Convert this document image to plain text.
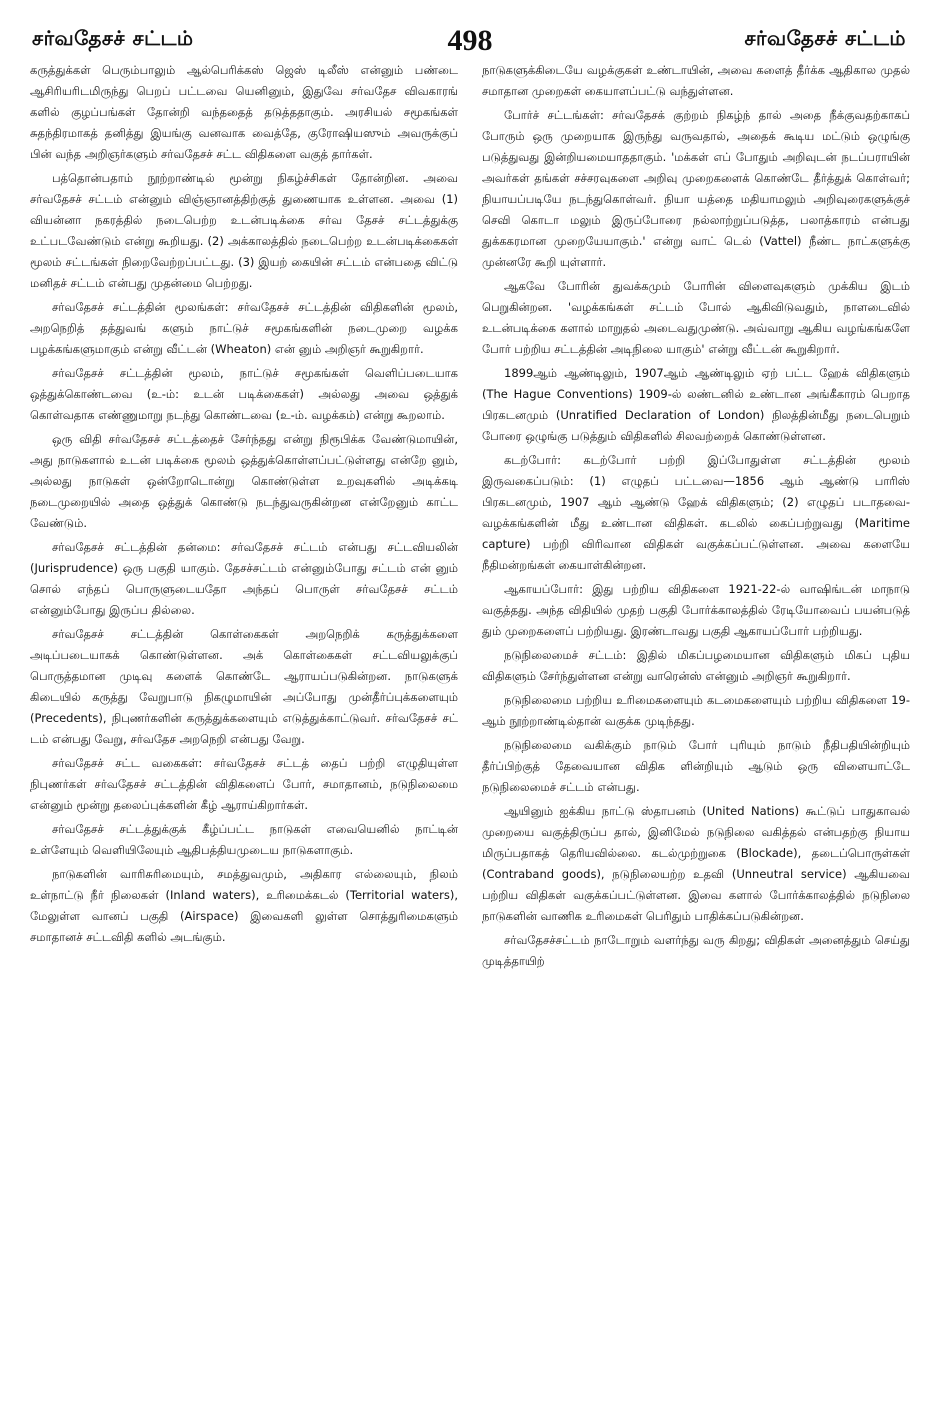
சர்வதேசச் சட்டம்	498	சர்வதேசச் சட்டம்

கருத்துக்கள் பெரும்பாலும் ஆல்பெரிக்கஸ் ஜெஸ் டிலீஸ் என்னும் பண்டை ஆசிரியரிடமிருந்து பெறப் பட்டவை யெனினும், இதுவே சர்வதேச விவகாரங் களில் குழப்பங்கள் தோன்றி வந்ததைத் தடுத்ததாகும். அரசியல் சமூகங்கள் சுதந்திரமாகத் தனித்து இயங்கு வனவாக வைத்தே, குரோஷியஸும் அவருக்குப் பின் வந்த அறிஞர்களும் சர்வதேசச் சட்ட விதிகளை வகுத் தார்கள்.

பத்தொன்பதாம் நூற்றாண்டில் மூன்று நிகழ்ச்சிகள் தோன்றின. அவை சர்வதேசச் சட்டம் என்னும் விஞ்ஞானத்திற்குத் துணையாக உள்ளன. அவை (1) வியன்னா நகரத்தில் நடைபெற்ற உடன்படிக்கை சர்வ தேசச் சட்டத்துக்கு உட்படவேண்டும் என்று கூறியது. (2) அக்காலத்தில் நடைபெற்ற உடன்படிக்கைகள் மூலம் சட்டங்கள் நிறைவேற்றப்பட்டது. (3) இயற் கையின் சட்டம் என்பதை விட்டு மனிதச் சட்டம் என்பது முதன்மை பெற்றது.

சர்வதேசச் சட்டத்தின் மூலங்கள்: சர்வதேசச் சட்டத்தின் விதிகளின் மூலம், அறநெறித் தத்துவங் களும் நாட்டுச் சமூகங்களின் நடைமுறை வழக்க பழக்கங்களுமாகும் என்று வீட்டன் (Wheaton) என் னும் அறிஞர் கூறுகிறார்.

சர்வதேசச் சட்டத்தின் மூலம், நாட்டுச் சமூகங்கள் வெளிப்படையாக ஒத்துக்கொண்டவை (உ-ம்: உடன் படிக்கைகள்) அல்லது அவை ஒத்துக் கொள்வதாக எண்ணுமாறு நடந்து கொண்டவை (உ-ம். வழக்கம்) என்று கூறலாம்.

ஒரு விதி சர்வதேசச் சட்டத்தைச் சேர்ந்தது என்று நிரூபிக்க வேண்டுமாயின், அது நாடுகளால் உடன் படிக்கை மூலம் ஒத்துக்கொள்ளப்பட்டுள்ளது என்றே னும், அல்லது நாடுகள் ஒன்றோடொன்று கொண்டுள்ள உறவுகளில் அடிக்கடி நடைமுறையில் அதை ஒத்துக் கொண்டு நடந்துவருகின்றன என்றேனும் காட்ட வேண்டும்.

சர்வதேசச் சட்டத்தின் தன்மை: சர்வதேசச் சட்டம் என்பது சட்டவியலின் (Jurisprudence) ஒரு பகுதி யாகும். தேசச்சட்டம் என்னும்போது சட்டம் என் னும் சொல் எந்தப் பொருளுடையதோ அந்தப் பொருள் சர்வதேசச் சட்டம் என்னும்போது இருப்ப தில்லை.

சர்வதேசச் சட்டத்தின் கொள்கைகள் அறநெறிக் கருத்துக்களை அடிப்படையாகக் கொண்டுள்ளன. அக் கொள்கைகள் சட்டவியலுக்குப் பொருத்தமான முடிவு களைக் கொண்டே ஆராயப்படுகின்றன. நாடுகளுக் கிடையில் கருத்து வேறுபாடு நிகழுமாயின் அப்போது முன்தீர்ப்புக்களையும் (Precedents), நிபுணர்களின் கருத்துக்களையும் எடுத்துக்காட்டுவர். சர்வதேசச் சட் டம் என்பது வேறு, சர்வதேச அறநெறி என்பது வேறு.

சர்வதேசச் சட்ட வகைகள்: சர்வதேசச் சட்டத் தைப் பற்றி எழுதியுள்ள நிபுணர்கள் சர்வதேசச் சட்டத்தின் விதிகளைப் போர், சமாதானம், நடுநிலைமை என்னும் மூன்று தலைப்புக்களின் கீழ் ஆராய்கிறார்கள்.

சர்வதேசச் சட்டத்துக்குக் கீழ்ப்பட்ட நாடுகள் எவையெனில் நாட்டின் உள்ளேயும் வெளியிலேயும் ஆதிபத்தியமுடைய நாடுகளாகும்.

நாடுகளின் வாரிசுரிமையும், சமத்துவமும், அதிகார எல்லையும், நிலம் உள்நாட்டு நீர் நிலைகள் (Inland waters), உரிமைக்கடல் (Territorial waters), மேலுள்ள வானப் பகுதி (Airspace) இவைகளி லுள்ள சொத்துரிமைகளும் சமாதானச் சட்டவிதி களில் அடங்கும்.

நாடுகளுக்கிடையே வழக்குகள் உண்டாயின், அவை களைத் தீர்க்க ஆதிகால முதல் சமாதான முறைகள் கையாளப்பட்டு வந்துள்ளன.

போர்ச் சட்டங்கள்: சர்வதேசக் குற்றம் நிகழ்ந் தால் அதை நீக்குவதற்காகப் போரும் ஒரு முறையாக இருந்து வருவதால், அதைக் கூடிய மட்டும் ஒழுங்கு படுத்துவது இன்றியமையாததாகும். 'மக்கள் எப் போதும் அறிவுடன் நடப்பராயின் அவர்கள் தங்கள் சச்சரவுகளை அறிவு முறைகளைக் கொண்டே தீர்த்துக் கொள்வர்; நியாயப்படியே நடந்துகொள்வர். நியா யத்தை மதியாமலும் அறிவுரைகளுக்குச் செவி கொடா மலும் இருப்போரை நல்லாற்றுப்படுத்த, பலாத்காரம் என்பது துக்ககரமான முறையேயாகும்.' என்று வாட் டெல் (Vattel) நீண்ட நாட்களுக்கு முன்னரே கூறி யுள்ளார்.

ஆகவே போரின் துவக்கமும் போரின் விளைவுகளும் முக்கிய இடம் பெறுகின்றன. 'வழக்கங்கள் சட்டம் போல் ஆகிவிடுவதும், நாளடைவில் உடன்படிக்கை களால் மாறுதல் அடைவதுமுண்டு. அவ்வாறு ஆகிய வழங்கங்களே போர் பற்றிய சட்டத்தின் அடிநிலை யாகும்' என்று வீட்டன் கூறுகிறார்.

1899ஆம் ஆண்டிலும், 1907ஆம் ஆண்டிலும் ஏற் பட்ட ஹேக் விதிகளும் (The Hague Conventions) 1909-ல் லண்டனில் உண்டான அங்கீகாரம் பெறாத பிரகடனமும் (Unratified Declaration of London) நிலத்தின்மீது நடைபெறும் போரை ஒழுங்கு படுத்தும் விதிகளில் சிலவற்றைக் கொண்டுள்ளன.

கடற்போர்: கடற்போர் பற்றி இப்போதுள்ள சட்டத்தின் மூலம் இருவகைப்படும்: (1) எழுதப் பட்டவை—1856 ஆம் ஆண்டு பாரிஸ் பிரகடனமும், 1907 ஆம் ஆண்டு ஹேக் விதிகளும்; (2) எழுதப் படாதவை- வழக்கங்களின் மீது உண்டான விதிகள். கடலில் கைப்பற்றுவது (Maritime capture) பற்றி விரிவான விதிகள் வகுக்கப்பட்டுள்ளன. அவை களையே நீதிமன்றங்கள் கையாள்கின்றன.

ஆகாயப்போர்: இது பற்றிய விதிகளை 1921-22-ல் வாஷிங்டன் மாநாடு வகுத்தது. அந்த விதியில் முதற் பகுதி போர்க்காலத்தில் ரேடியோவைப் பயன்படுத் தும் முறைகளைப் பற்றியது. இரண்டாவது பகுதி ஆகாயப்போர் பற்றியது.

நடுநிலைமைச் சட்டம்: இதில் மிகப்பழமையான விதிகளும் மிகப் புதிய விதிகளும் சேர்ந்துள்ளன என்று வாரென்ஸ் என்னும் அறிஞர் கூறுகிறார்.

நடுநிலைமை பற்றிய உரிமைகளையும் கடமைகளையும் பற்றிய விதிகளை 19-ஆம் நூற்றாண்டில்தான் வகுக்க முடிந்தது.

நடுநிலைமை வகிக்கும் நாடும் போர் புரியும் நாடும் நீதிபதியின்றியும் தீர்ப்பிற்குத் தேவையான விதிக ளின்றியும் ஆடும் ஒரு விளையாட்டே நடுநிலைமைச் சட்டம் என்பது.

ஆயினும் ஐக்கிய நாட்டு ஸ்தாபனம் (United Nations) கூட்டுப் பாதுகாவல் முறையை வகுத்திருப்ப தால், இனிமேல் நடுநிலை வகித்தல் என்பதற்கு நியாய மிருப்பதாகத் தெரியவில்லை. கடல்முற்றுகை (Blockade), தடைப்பொருள்கள் (Contraband goods), நடுநிலையற்ற உதவி (Unneutral service) ஆகியவை பற்றிய விதிகள் வகுக்கப்பட்டுள்ளன. இவை களால் போர்க்காலத்தில் நடுநிலை நாடுகளின் வாணிக உரிமைகள் பெரிதும் பாதிக்கப்படுகின்றன.

சர்வதேசச்சட்டம் நாடோறும் வளர்ந்து வரு கிறது; விதிகள் அனைத்தும் செய்து முடித்தாயிற்
